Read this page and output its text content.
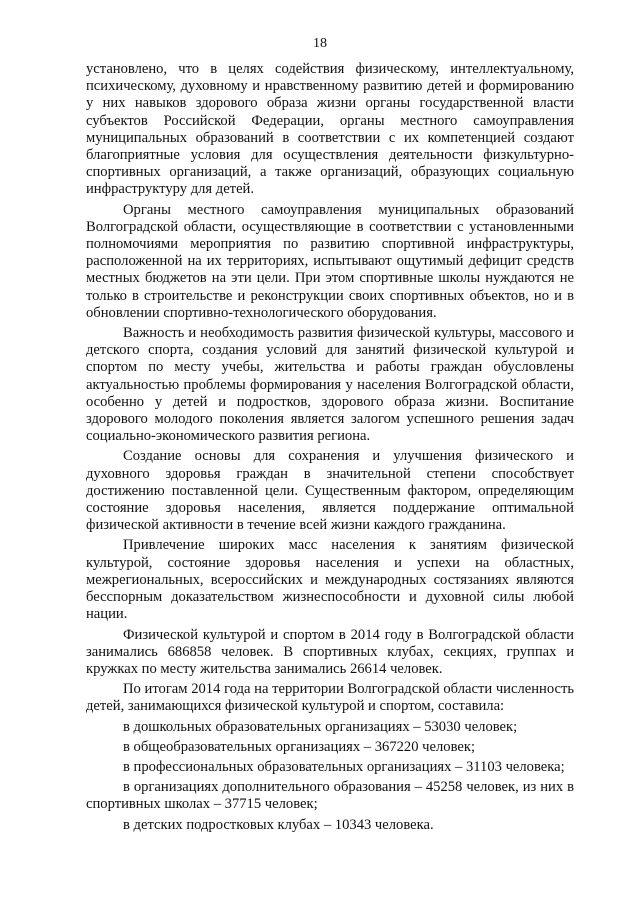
18

установлено, что в целях содействия физическому, интеллектуальному, психическому, духовному и нравственному развитию детей и формированию у них навыков здорового образа жизни органы государственной власти субъектов Российской Федерации, органы местного самоуправления муниципальных образований в соответствии с их компетенцией создают благоприятные условия для осуществления деятельности физкультурно-спортивных организаций, а также организаций, образующих социальную инфраструктуру для детей.

Органы местного самоуправления муниципальных образований Волгоградской области, осуществляющие в соответствии с установленными полномочиями мероприятия по развитию спортивной инфраструктуры, расположенной на их территориях, испытывают ощутимый дефицит средств местных бюджетов на эти цели. При этом спортивные школы нуждаются не только в строительстве и реконструкции своих спортивных объектов, но и в обновлении спортивно-технологического оборудования.

Важность и необходимость развития физической культуры, массового и детского спорта, создания условий для занятий физической культурой и спортом по месту учебы, жительства и работы граждан обусловлены актуальностью проблемы формирования у населения Волгоградской области, особенно у детей и подростков, здорового образа жизни. Воспитание здорового молодого поколения является залогом успешного решения задач социально-экономического развития региона.

Создание основы для сохранения и улучшения физического и духовного здоровья граждан в значительной степени способствует достижению поставленной цели. Существенным фактором, определяющим состояние здоровья населения, является поддержание оптимальной физической активности в течение всей жизни каждого гражданина.

Привлечение широких масс населения к занятиям физической культурой, состояние здоровья населения и успехи на областных, межрегиональных, всероссийских и международных состязаниях являются бесспорным доказательством жизнеспособности и духовной силы любой нации.

Физической культурой и спортом в 2014 году в Волгоградской области занимались 686858 человек. В спортивных клубах, секциях, группах и кружках по месту жительства занимались 26614 человек.

По итогам 2014 года на территории Волгоградской области численность детей, занимающихся физической культурой и спортом, составила:

в дошкольных образовательных организациях – 53030 человек;

в общеобразовательных организациях – 367220 человек;

в профессиональных образовательных организациях – 31103 человека;

в организациях дополнительного образования – 45258 человек, из них в спортивных школах – 37715 человек;

в детских подростковых клубах – 10343 человека.
